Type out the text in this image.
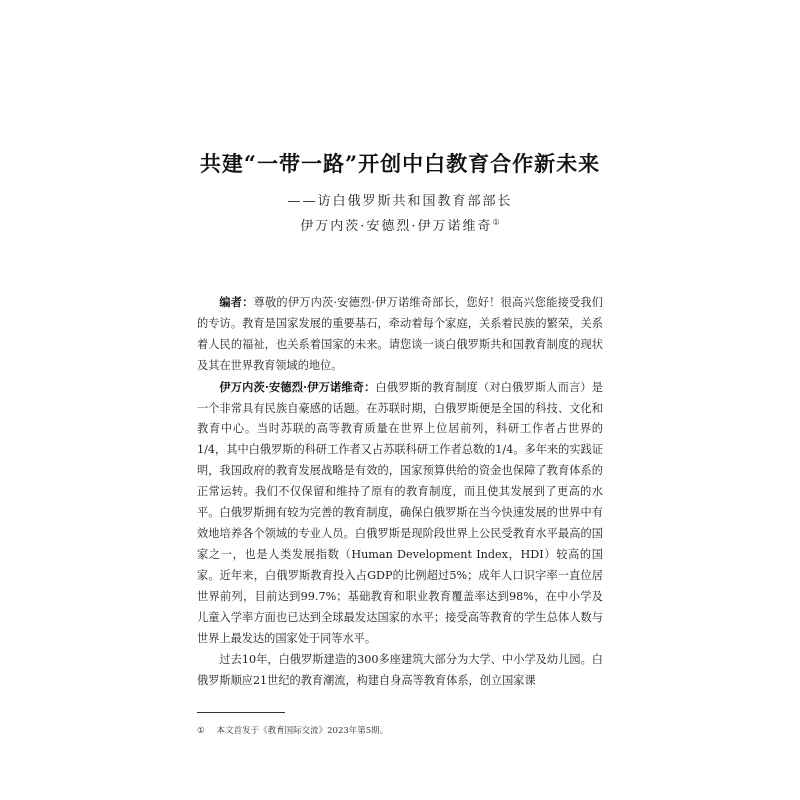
共建“一带一路”开创中白教育合作新未来
——访白俄罗斯共和国教育部部长
伊万内茨·安德烈·伊万诺维奇①

编者：尊敬的伊万内茨·安德烈·伊万诺维奇部长，您好！很高兴您能接受我们的专访。教育是国家发展的重要基石，牵动着每个家庭，关系着民族的繁荣，关系着人民的福祉，也关系着国家的未来。请您谈一谈白俄罗斯共和国教育制度的现状及其在世界教育领域的地位。

伊万内茨·安德烈·伊万诺维奇：白俄罗斯的教育制度（对白俄罗斯人而言）是一个非常具有民族自豪感的话题。在苏联时期，白俄罗斯便是全国的科技、文化和教育中心。当时苏联的高等教育质量在世界上位居前列，科研工作者占世界的1/4，其中白俄罗斯的科研工作者又占苏联科研工作者总数的1/4。多年来的实践证明，我国政府的教育发展战略是有效的，国家预算供给的资金也保障了教育体系的正常运转。我们不仅保留和维持了原有的教育制度，而且使其发展到了更高的水平。白俄罗斯拥有较为完善的教育制度，确保白俄罗斯在当今快速发展的世界中有效地培养各个领域的专业人员。白俄罗斯是现阶段世界上公民受教育水平最高的国家之一，也是人类发展指数（Human Development Index，HDI）较高的国家。近年来，白俄罗斯教育投入占GDP的比例超过5%；成年人口识字率一直位居世界前列，目前达到99.7%；基础教育和职业教育覆盖率达到98%，在中小学及儿童入学率方面也已达到全球最发达国家的水平；接受高等教育的学生总体人数与世界上最发达的国家处于同等水平。

过去10年，白俄罗斯建造的300多座建筑大部分为大学、中小学及幼儿园。白俄罗斯顺应21世纪的教育潮流，构建自身高等教育体系，创立国家课

① 本文首发于《教育国际交流》2023年第5期。
